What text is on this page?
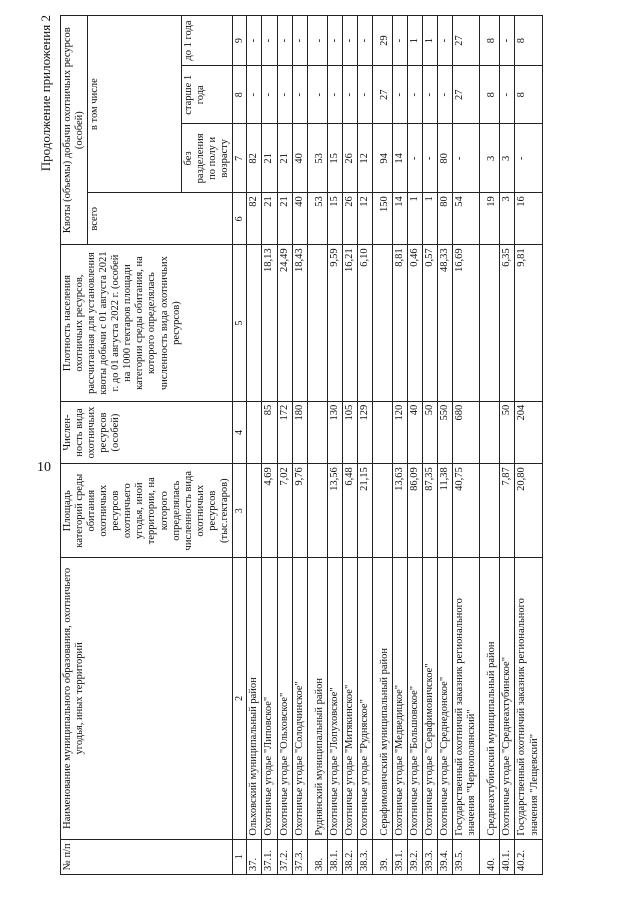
10
Продолжение приложения 2
№ п/п	Наименование муниципального образования, охотничьего угодья, иных территорий	Площадь категорий среды обитания охотничьих ресурсов охотничьего угодья, иной территории, на которого определялась численность вида охотничьих ресурсов (тыс.гектаров)	Числен-ность вида охотничьих ресурсов (особей)	Плотность населения охотничьих ресурсов, рассчитанная для установления квоты добычи с 01 августа 2021 г. до 01 августа 2022 г. (особей на 1000 гектаров площади категории среды обитания, на которого определялась численность вида охотничьих ресурсов)	Квоты (объемы) добычи охотничьих ресурсов (особей)			
					всего	в том числе		
						без разделения по полу и возрасту	старше 1 года	до 1 года
1	2	3	4	5	6	7	8	9
37.	Ольховский муниципальный район				82	82	-	-
37.1.	Охотничье угодье "Липовское"	4,69	85	18,13	21	21	-	-
37.2.	Охотничье угодье "Ольховское"	7,02	172	24,49	21	21	-	-
37.3.	Охотничье угодье "Солодчинское"	9,76	180	18,43	40	40	-	-
38.	Руднянский муниципальный район				53	53	-	-
38.1.	Охотничье угодье "Лопуховское"	13,56	130	9,59	15	15	-	-
38.2.	Охотничье угодье "Митякинское"	6,48	105	16,21	26	26	-	-
38.3.	Охотничье угодье "Рудняское"	21,15	129	6,10	12	12	-	-
39.	Серафимовичский муниципальный район				150	94	27	29
39.1.	Охотничье угодье "Медведицкое"	13,63	120	8,81	14	14	-	-
39.2.	Охотничье угодье "Большовское"	86,09	40	0,46	1	-	-	1
39.3.	Охотничье угодье "Серафимовичское"	87,35	50	0,57	1	-	-	1
39.4.	Охотничье угодье "Среднедонское"	11,38	550	48,33	80	80	-	-
39.5.	Государственный охотничий заказник регионального значения "Чернополянский"	40,75	680	16,69	54	-	27	27
40.	Среднеахтубинский муниципальный район				19	3	8	8
40.1.	Охотничье угодье "Среднеахтубинское"	7,87	50	6,35	3	3	-	-
40.2.	Государственный охотничий заказник регионального значения "Лещевский"	20,80	204	9,81	16	-	8	8
